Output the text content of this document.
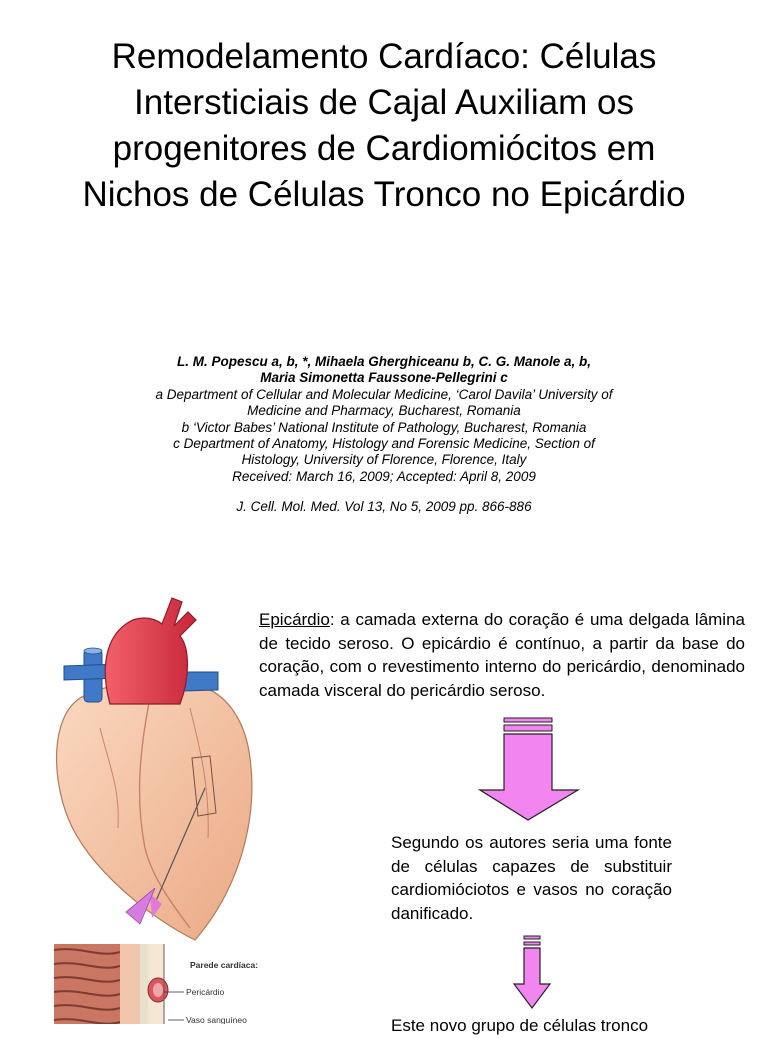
Remodelamento Cardíaco: Células Intersticiais de Cajal Auxiliam os progenitores de Cardiomiócitos em Nichos de Células Tronco no Epicárdio
L. M. Popescu a, b, *, Mihaela Gherghiceanu b, C. G. Manole a, b,
Maria Simonetta Faussone-Pellegrini c
a Department of Cellular and Molecular Medicine, ‘Carol Davila’ University of
Medicine and Pharmacy, Bucharest, Romania
b ‘Victor Babes’ National Institute of Pathology, Bucharest, Romania
c Department of Anatomy, Histology and Forensic Medicine, Section of
Histology, University of Florence, Florence, Italy
Received: March 16, 2009; Accepted: April 8, 2009
J. Cell. Mol. Med. Vol 13, No 5, 2009 pp. 866-886
Parede cardíaca:
Pericárdio
Vaso sanguíneo

Epicárdio: a camada externa do coração é uma delgada lâmina de tecido seroso. O epicárdio é contínuo, a partir da base do coração, com o revestimento interno do pericárdio, denominado camada visceral do pericárdio seroso.

Segundo os autores seria uma fonte de células capazes de substituir cardiomióciotos e vasos no coração danificado.

Este novo grupo de células tronco
